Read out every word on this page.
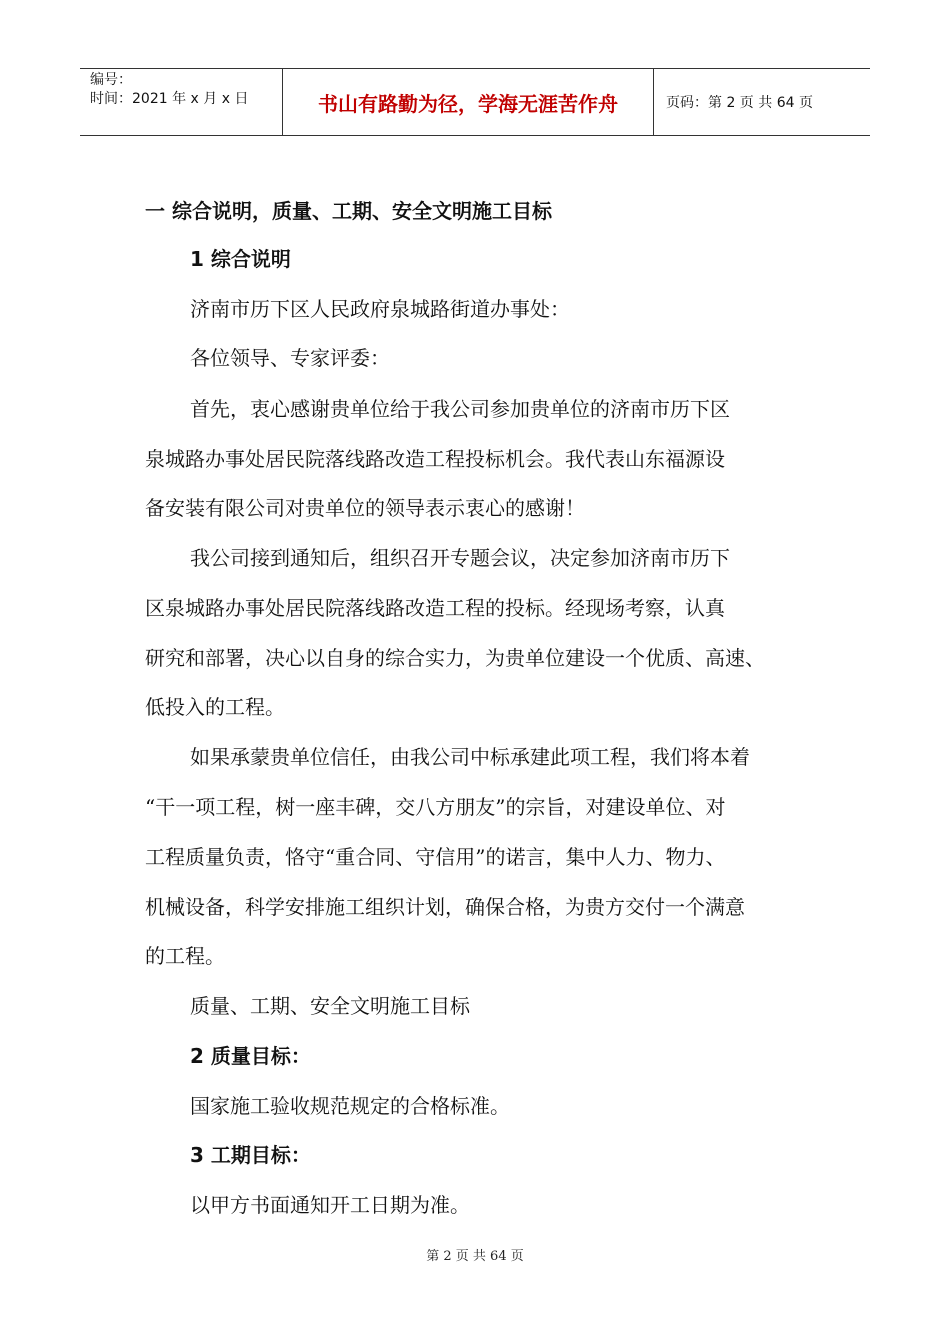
编号：
时间：2021 年 x 月 x 日	书山有路勤为径，学海无涯苦作舟	页码：第 2 页 共 64 页
一 综合说明，质量、工期、安全文明施工目标
1 综合说明
济南市历下区人民政府泉城路街道办事处：
各位领导、专家评委：
首先，衷心感谢贵单位给于我公司参加贵单位的济南市历下区
泉城路办事处居民院落线路改造工程投标机会。我代表山东福源设
备安装有限公司对贵单位的领导表示衷心的感谢！
我公司接到通知后，组织召开专题会议，决定参加济南市历下
区泉城路办事处居民院落线路改造工程的投标。经现场考察，认真
研究和部署，决心以自身的综合实力，为贵单位建设一个优质、高速、
低投入的工程。
如果承蒙贵单位信任，由我公司中标承建此项工程，我们将本着
“干一项工程，树一座丰碑，交八方朋友”的宗旨，对建设单位、对
工程质量负责，恪守“重合同、守信用”的诺言，集中人力、物力、
机械设备，科学安排施工组织计划，确保合格，为贵方交付一个满意
的工程。
质量、工期、安全文明施工目标
2 质量目标：
国家施工验收规范规定的合格标准。
3 工期目标：
以甲方书面通知开工日期为准。
第 2 页 共 64 页
